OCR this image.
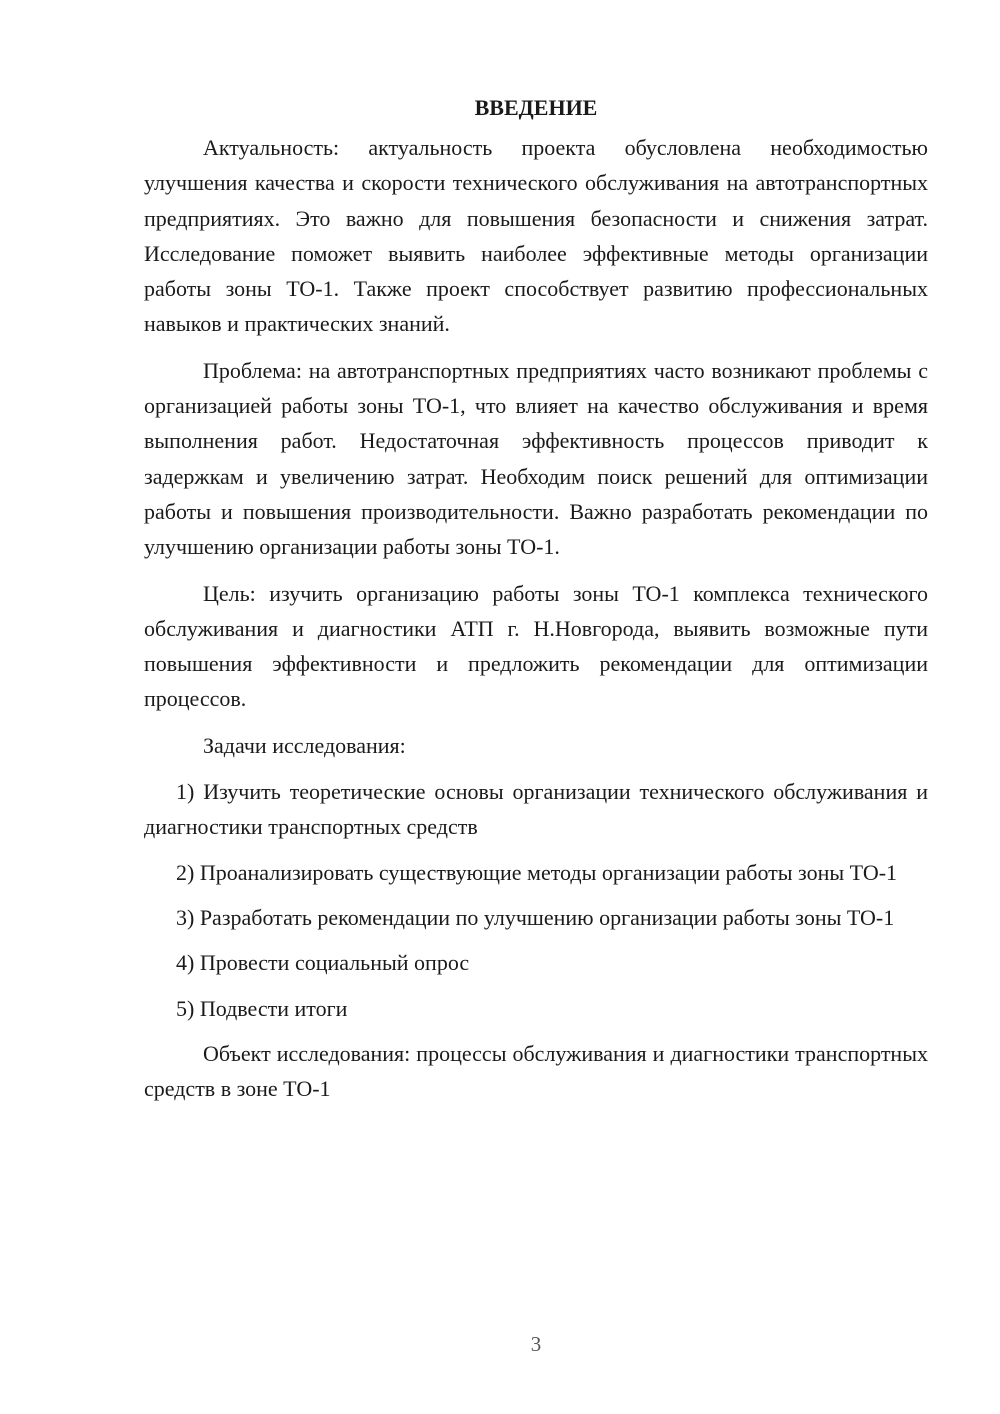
ВВЕДЕНИЕ

Актуальность: актуальность проекта обусловлена необходимостью улучшения качества и скорости технического обслуживания на автотранспортных предприятиях. Это важно для повышения безопасности и снижения затрат. Исследование поможет выявить наиболее эффективные методы организации работы зоны ТО-1. Также проект способствует развитию профессиональных навыков и практических знаний.

Проблема: на автотранспортных предприятиях часто возникают проблемы с организацией работы зоны ТО-1, что влияет на качество обслуживания и время выполнения работ. Недостаточная эффективность процессов приводит к задержкам и увеличению затрат. Необходим поиск решений для оптимизации работы и повышения производительности. Важно разработать рекомендации по улучшению организации работы зоны ТО-1.

Цель: изучить организацию работы зоны ТО-1 комплекса технического обслуживания и диагностики АТП г. Н.Новгорода, выявить возможные пути повышения эффективности и предложить рекомендации для оптимизации процессов.

Задачи исследования:

1) Изучить теоретические основы организации технического обслуживания и диагностики транспортных средств

2) Проанализировать существующие методы организации работы зоны ТО-1

3) Разработать рекомендации по улучшению организации работы зоны ТО-1

4) Провести социальный опрос

5) Подвести итоги

Объект исследования: процессы обслуживания и диагностики транспортных средств в зоне ТО-1

3
